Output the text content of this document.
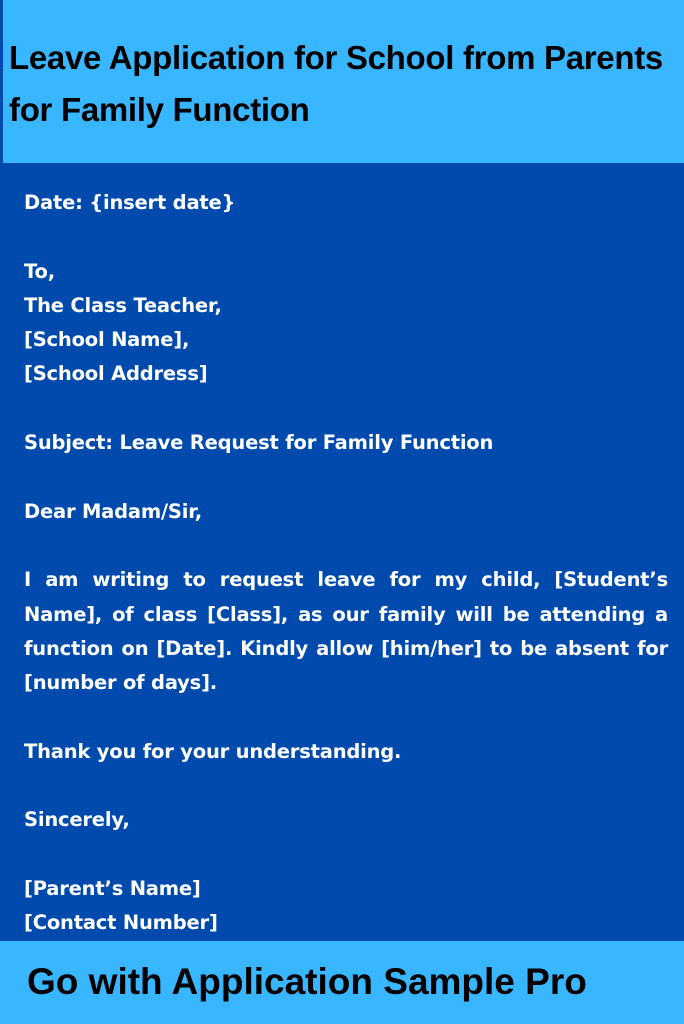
Leave Application for School from Parents for Family Function
Date: {insert date}
To,
The Class Teacher,
[School Name],
[School Address]
Subject: Leave Request for Family Function
Dear Madam/Sir,
I am writing to request leave for my child, [Student’s Name], of class [Class], as our family will be attending a function on [Date]. Kindly allow [him/her] to be absent for [number of days].
Thank you for your understanding.
Sincerely,
[Parent’s Name]
[Contact Number]

Go with Application Sample Pro
